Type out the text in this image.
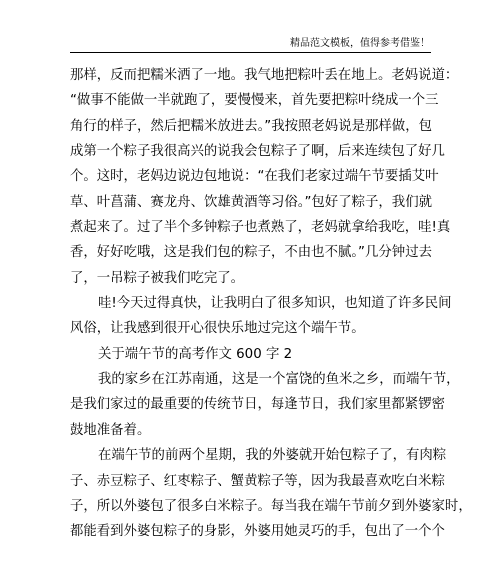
精品范文模板，值得参考借鉴！
那样，反而把糯米洒了一地。我气地把粽叶丢在地上。老妈说道：
“做事不能做一半就跑了，要慢慢来，首先要把粽叶绕成一个三
角行的样子，然后把糯米放进去。”我按照老妈说是那样做，包
成第一个粽子我很高兴的说我会包粽子了啊，后来连续包了好几
个。这时，老妈边说边包地说：“在我们老家过端午节要插艾叶
草、叶菖蒲、赛龙舟、饮雄黄酒等习俗。”包好了粽子，我们就
煮起来了。过了半个多钟粽子也煮熟了，老妈就拿给我吃，哇!真
香，好好吃哦，这是我们包的粽子，不由也不腻。”几分钟过去
了，一吊粽子被我们吃完了。
哇!今天过得真快，让我明白了很多知识，也知道了许多民间
风俗，让我感到很开心很快乐地过完这个端午节。
关于端午节的高考作文 600 字 2
我的家乡在江苏南通，这是一个富饶的鱼米之乡，而端午节，
是我们家过的最重要的传统节日，每逢节日，我们家里都紧锣密
鼓地准备着。
在端午节的前两个星期，我的外婆就开始包粽子了，有肉粽
子、赤豆粽子、红枣粽子、蟹黄粽子等，因为我最喜欢吃白米粽
子，所以外婆包了很多白米粽子。每当我在端午节前夕到外婆家时，
都能看到外婆包粽子的身影，外婆用她灵巧的手，包出了一个个
